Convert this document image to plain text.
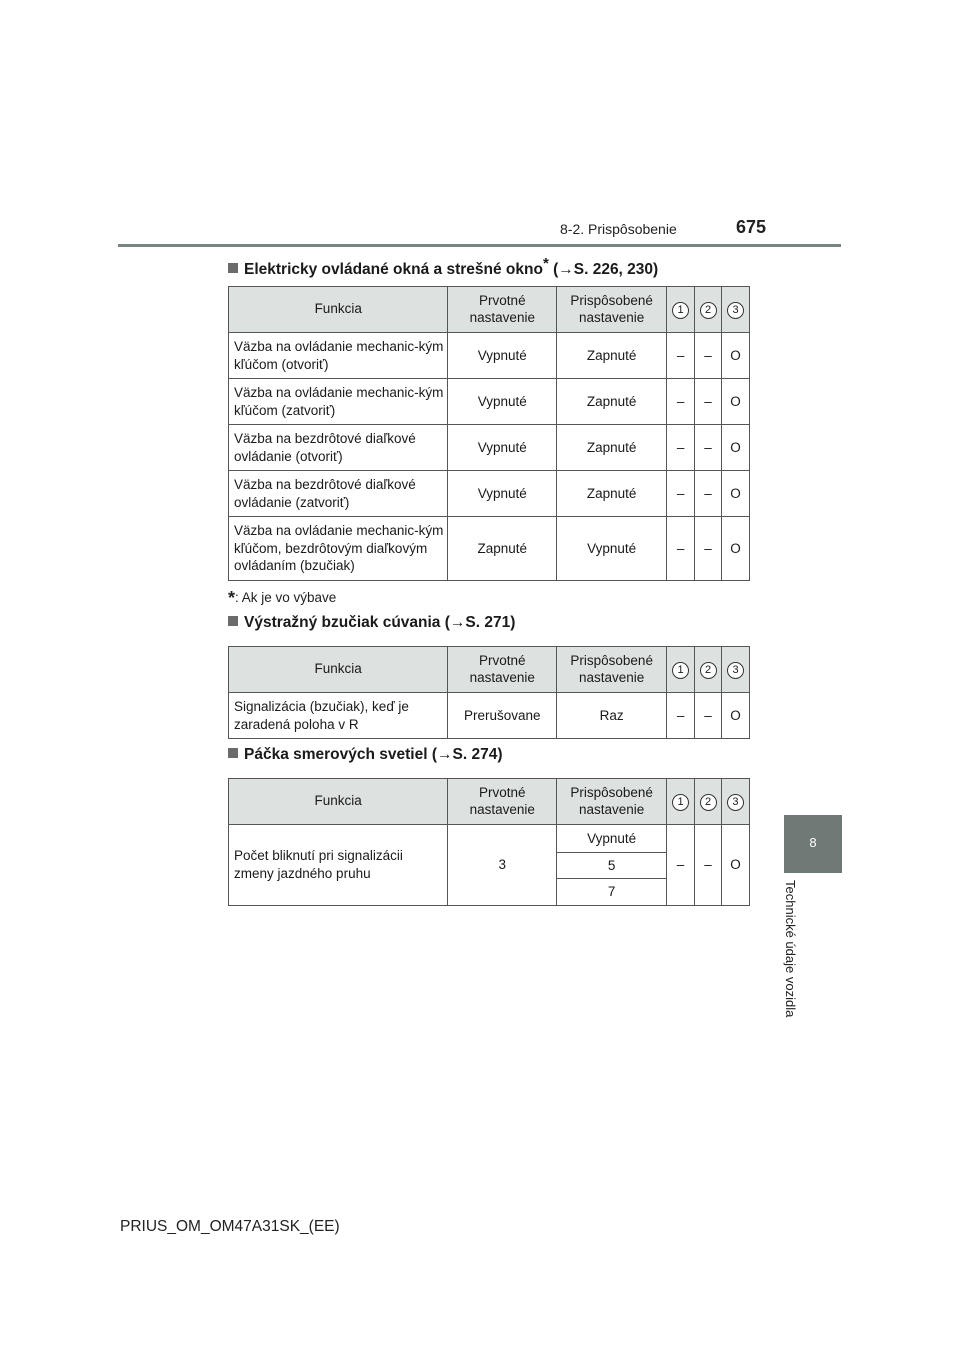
8-2. Prispôsobenie	675
8
Technické údaje vozidla
Elektricky ovládané okná a strešné okno* (→S. 226, 230)
Funkcia	Prvotné nastavenie	Prispôsobené nastavenie	1	2	3
Väzba na ovládanie mechanic-kým kľúčom (otvoriť)	Vypnuté	Zapnuté	–	–	O
Väzba na ovládanie mechanic-kým kľúčom (zatvoriť)	Vypnuté	Zapnuté	–	–	O
Väzba na bezdrôtové diaľkové ovládanie (otvoriť)	Vypnuté	Zapnuté	–	–	O
Väzba na bezdrôtové diaľkové ovládanie (zatvoriť)	Vypnuté	Zapnuté	–	–	O
Väzba na ovládanie mechanic-kým kľúčom, bezdrôtovým diaľkovým ovládaním (bzučiak)	Zapnuté	Vypnuté	–	–	O
*: Ak je vo výbave
Výstražný bzučiak cúvania (→S. 271)
Funkcia	Prvotné nastavenie	Prispôsobené nastavenie	1	2	3
Signalizácia (bzučiak), keď je zaradená poloha v R	Prerušovane	Raz	–	–	O
Páčka smerových svetiel (→S. 274)
Funkcia	Prvotné nastavenie	Prispôsobené nastavenie	1	2	3
Počet bliknutí pri signalizácii zmeny jazdného pruhu	3	Vypnuté	–	–	O
		5			
		7			
PRIUS_OM_OM47A31SK_(EE)
